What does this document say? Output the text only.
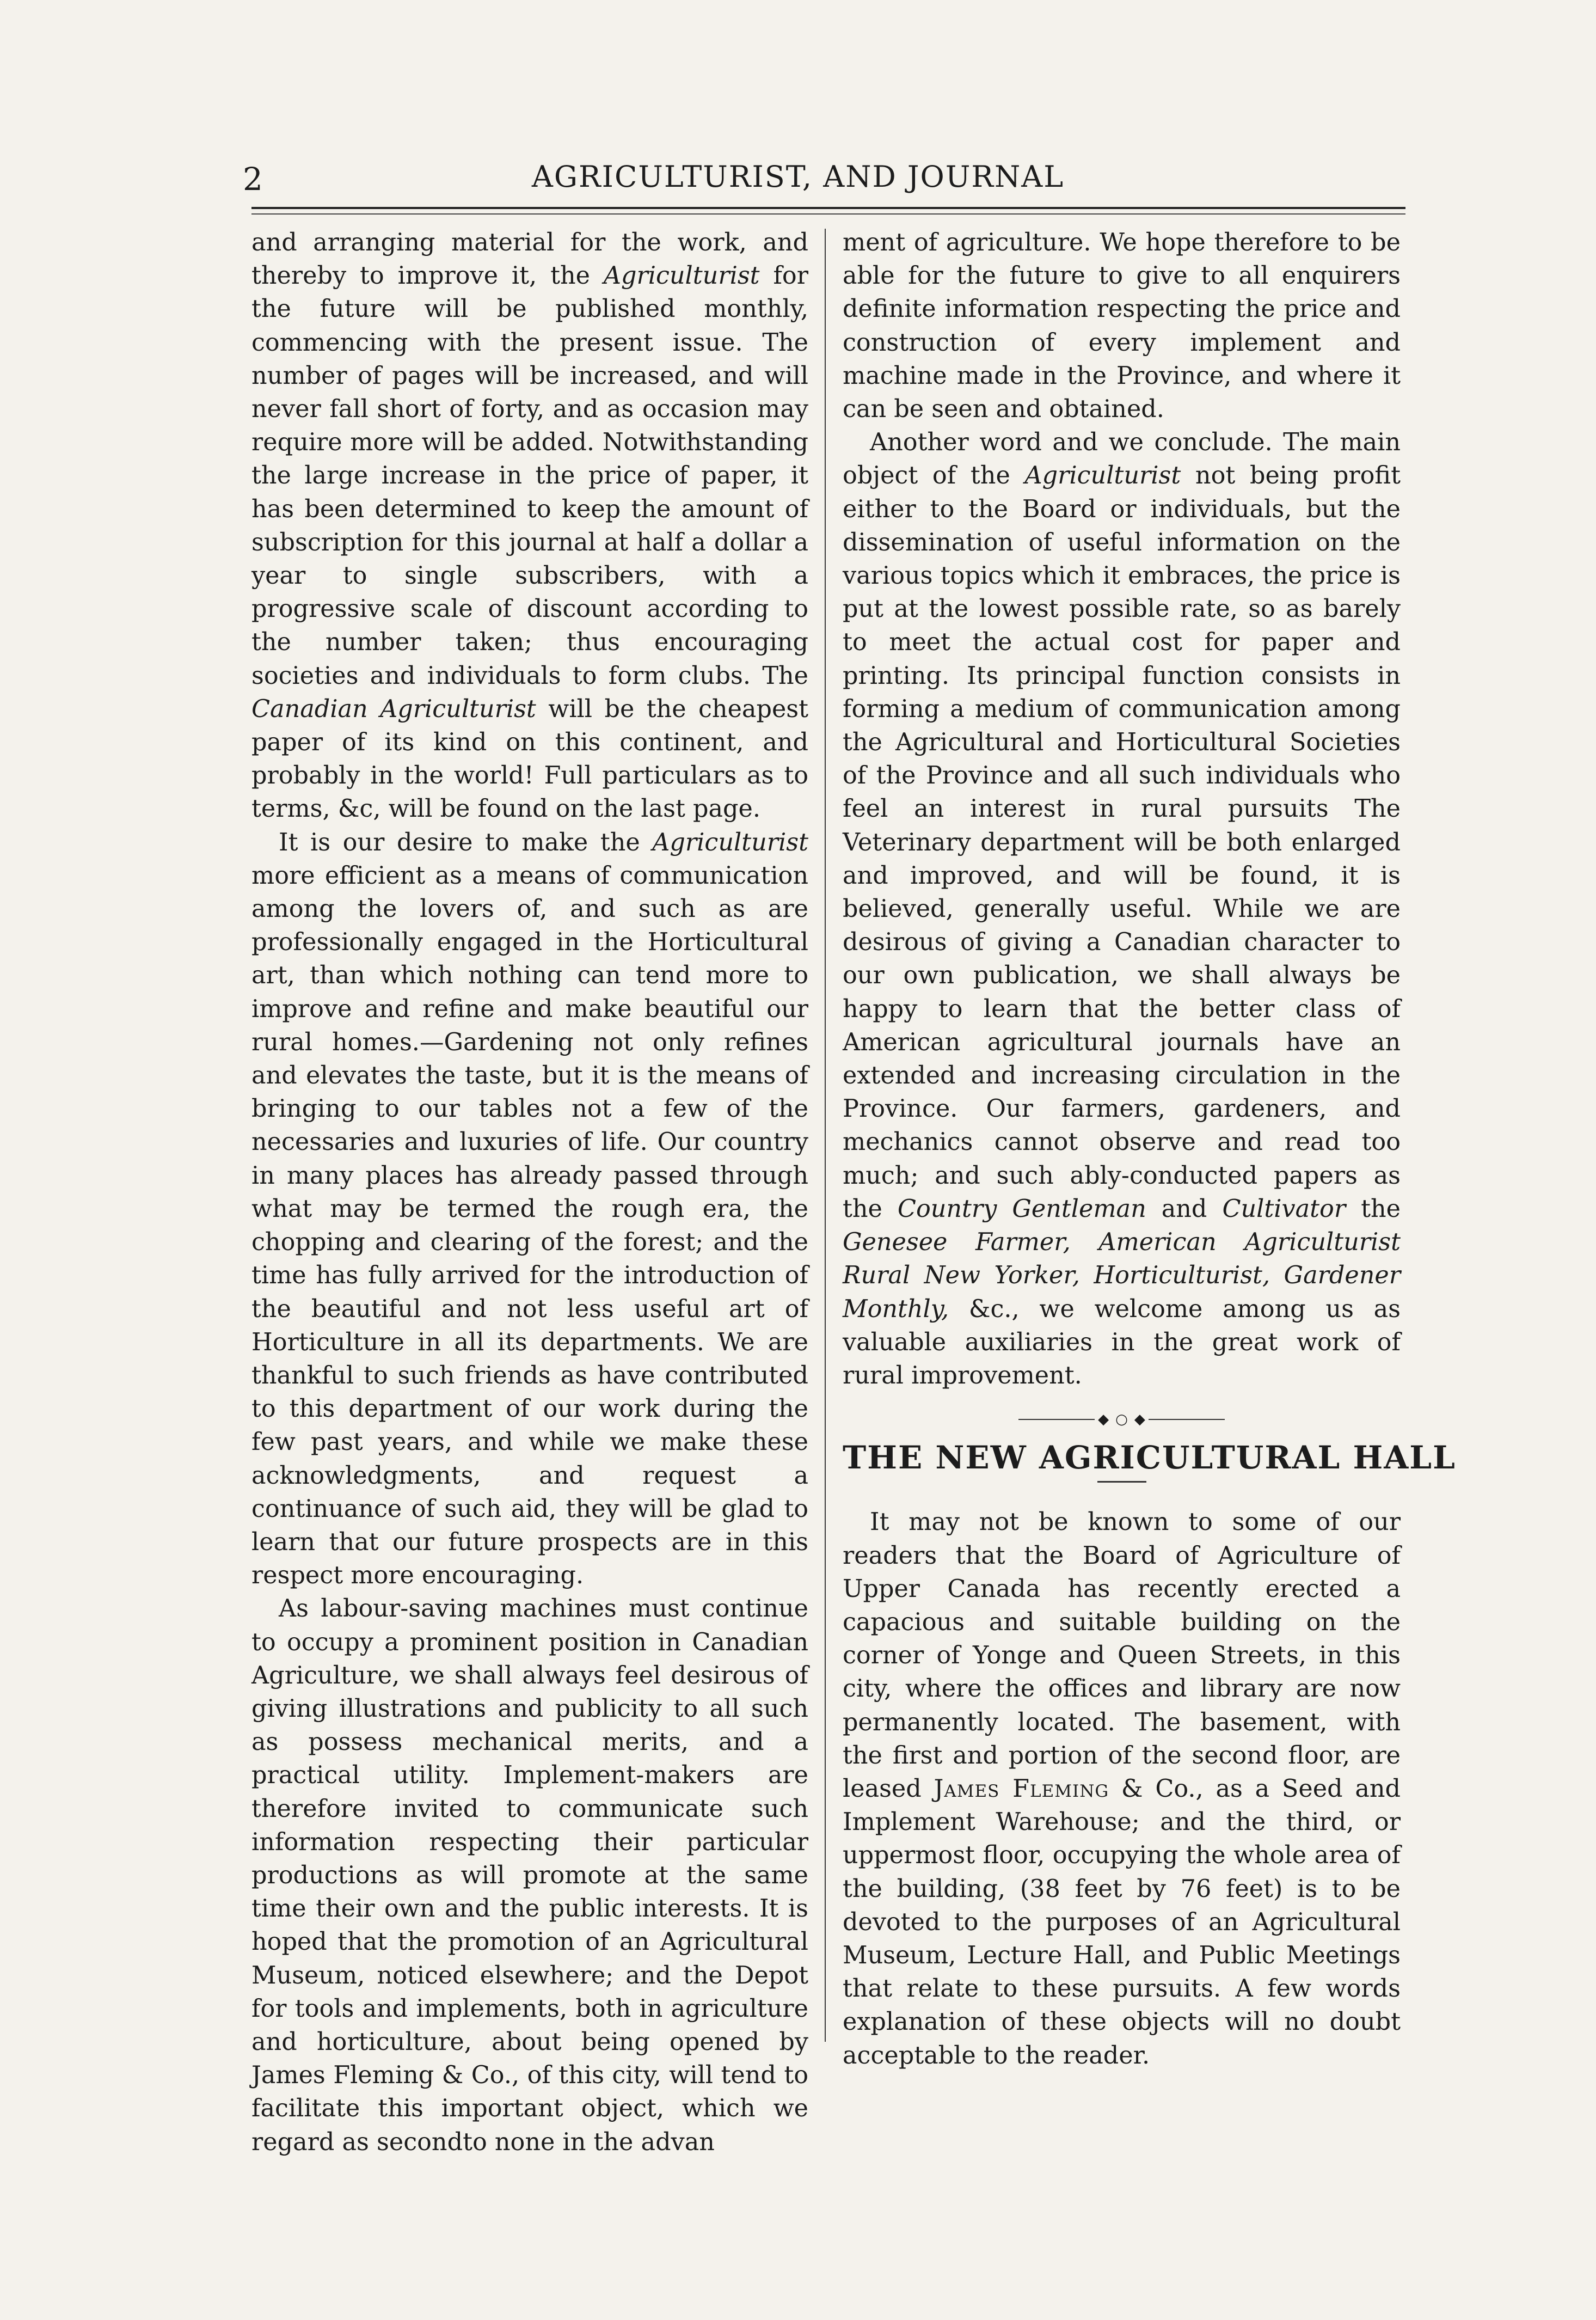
2	AGRICULTURIST, AND JOURNAL

and arranging material for the work, and thereby to improve it, the Agriculturist for the future will be published monthly, commencing with the present issue. The number of pages will be increased, and will never fall short of forty, and as occasion may require more will be added. Notwithstanding the large increase in the price of paper, it has been determined to keep the amount of subscription for this journal at half a dollar a year to single subscribers, with a progressive scale of discount according to the number taken; thus encouraging societies and individuals to form clubs. The Canadian Agriculturist will be the cheapest paper of its kind on this continent, and probably in the world! Full particulars as to terms, &c, will be found on the last page.

It is our desire to make the Agriculturist more efficient as a means of communication among the lovers of, and such as are professionally engaged in the Horticultural art, than which nothing can tend more to improve and refine and make beautiful our rural homes.—Gardening not only refines and elevates the taste, but it is the means of bringing to our tables not a few of the necessaries and luxuries of life. Our country in many places has already passed through what may be termed the rough era, the chopping and clearing of the forest; and the time has fully arrived for the introduction of the beautiful and not less useful art of Horticulture in all its departments. We are thankful to such friends as have contributed to this department of our work during the few past years, and while we make these acknowledgments, and request a continuance of such aid, they will be glad to learn that our future prospects are in this respect more encouraging.

As labour-saving machines must continue to occupy a prominent position in Canadian Agriculture, we shall always feel desirous of giving illustrations and publicity to all such as possess mechanical merits, and a practical utility. Implement-makers are therefore invited to communicate such information respecting their particular productions as will promote at the same time their own and the public interests. It is hoped that the promotion of an Agricultural Museum, noticed elsewhere; and the Depot for tools and implements, both in agriculture and horticulture, about being opened by James Fleming & Co., of this city, will tend to facilitate this important object, which we regard as secondto none in the advan

ment of agriculture. We hope therefore to be able for the future to give to all enquirers definite information respecting the price and construction of every implement and machine made in the Province, and where it can be seen and obtained.

Another word and we conclude. The main object of the Agriculturist not being profit either to the Board or individuals, but the dissemination of useful information on the various topics which it embraces, the price is put at the lowest possible rate, so as barely to meet the actual cost for paper and printing. Its principal function consists in forming a medium of communication among the Agricultural and Horticultural Societies of the Province and all such individuals who feel an interest in rural pursuits The Veterinary department will be both enlarged and improved, and will be found, it is believed, generally useful. While we are desirous of giving a Canadian character to our own publication, we shall always be happy to learn that the better class of American agricultural journals have an extended and increasing circulation in the Province. Our farmers, gardeners, and mechanics cannot observe and read too much; and such ably-conducted papers as the Country Gentleman and Cultivator the Genesee Farmer, American Agriculturist Rural New Yorker, Horticulturist, Gardener Monthly, &c., we welcome among us as valuable auxiliaries in the great work of rural improvement.

◆ ○ ◆
THE NEW AGRICULTURAL HALL

It may not be known to some of our readers that the Board of Agriculture of Upper Canada has recently erected a capacious and suitable building on the corner of Yonge and Queen Streets, in this city, where the offices and library are now permanently located. The basement, with the first and portion of the second floor, are leased James Fleming & Co., as a Seed and Implement Warehouse; and the third, or uppermost floor, occupying the whole area of the building, (38 feet by 76 feet) is to be devoted to the purposes of an Agricultural Museum, Lecture Hall, and Public Meetings that relate to these pursuits. A few words explanation of these objects will no doubt acceptable to the reader.
